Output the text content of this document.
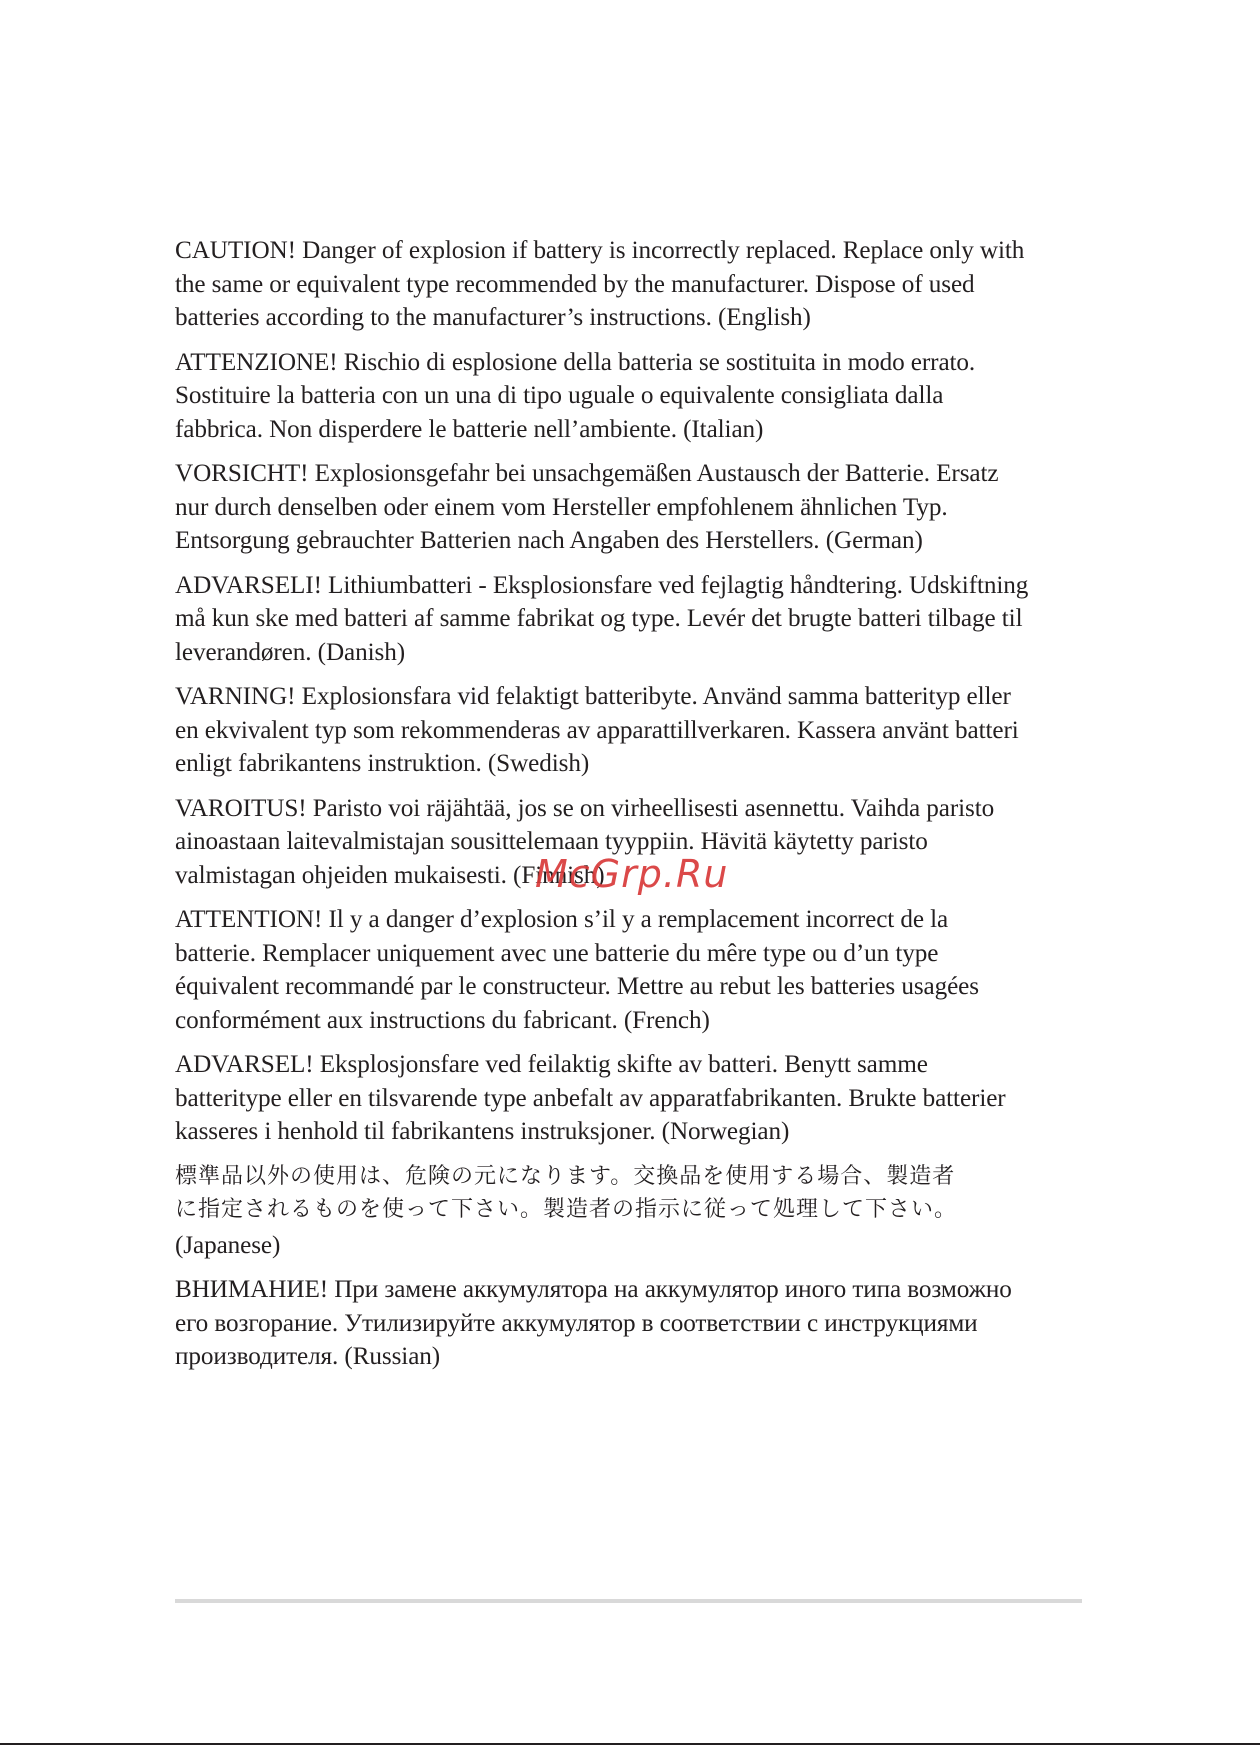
CAUTION! Danger of explosion if battery is incorrectly replaced. Replace only with
the same or equivalent type recommended by the manufacturer. Dispose of used
batteries according to the manufacturer’s instructions. (English)

ATTENZIONE! Rischio di esplosione della batteria se sostituita in modo errato.
Sostituire la batteria con un una di tipo uguale o equivalente consigliata dalla
fabbrica. Non disperdere le batterie nell’ambiente. (Italian)

VORSICHT! Explosionsgefahr bei unsachgemäßen Austausch der Batterie. Ersatz
nur durch denselben oder einem vom Hersteller empfohlenem ähnlichen Typ.
Entsorgung gebrauchter Batterien nach Angaben des Herstellers. (German)

ADVARSELI! Lithiumbatteri - Eksplosionsfare ved fejlagtig håndtering. Udskiftning
må kun ske med batteri af samme fabrikat og type. Levér det brugte batteri tilbage til
leverandøren. (Danish)

VARNING! Explosionsfara vid felaktigt batteribyte. Använd samma batterityp eller
en ekvivalent typ som rekommenderas av apparattillverkaren. Kassera använt batteri
enligt fabrikantens instruktion. (Swedish)

VAROITUS! Paristo voi räjähtää, jos se on virheellisesti asennettu. Vaihda paristo
ainoastaan laitevalmistajan sousittelemaan tyyppiin. Hävitä käytetty paristo
valmistagan ohjeiden mukaisesti. (Finnish)

ATTENTION! Il y a danger d’explosion s’il y a remplacement incorrect de la
batterie. Remplacer uniquement avec une batterie du mêre type ou d’un type
équivalent recommandé par le constructeur. Mettre au rebut les batteries usagées
conformément aux instructions du fabricant. (French)

ADVARSEL! Eksplosjonsfare ved feilaktig skifte av batteri. Benytt samme
batteritype eller en tilsvarende type anbefalt av apparatfabrikanten. Brukte batterier
kasseres i henhold til fabrikantens instruksjoner. (Norwegian)

標準品以外の使用は、危険の元になります。交換品を使用する場合、製造者
に指定されるものを使って下さい。製造者の指示に従って処理して下さい。

(Japanese)

ВНИМАНИЕ! При замене аккумулятора на аккумулятор иного типа возможно
его возгорание. Утилизируйте аккумулятор в соответствии с инструкциями
производителя. (Russian)

McGrp.Ru
